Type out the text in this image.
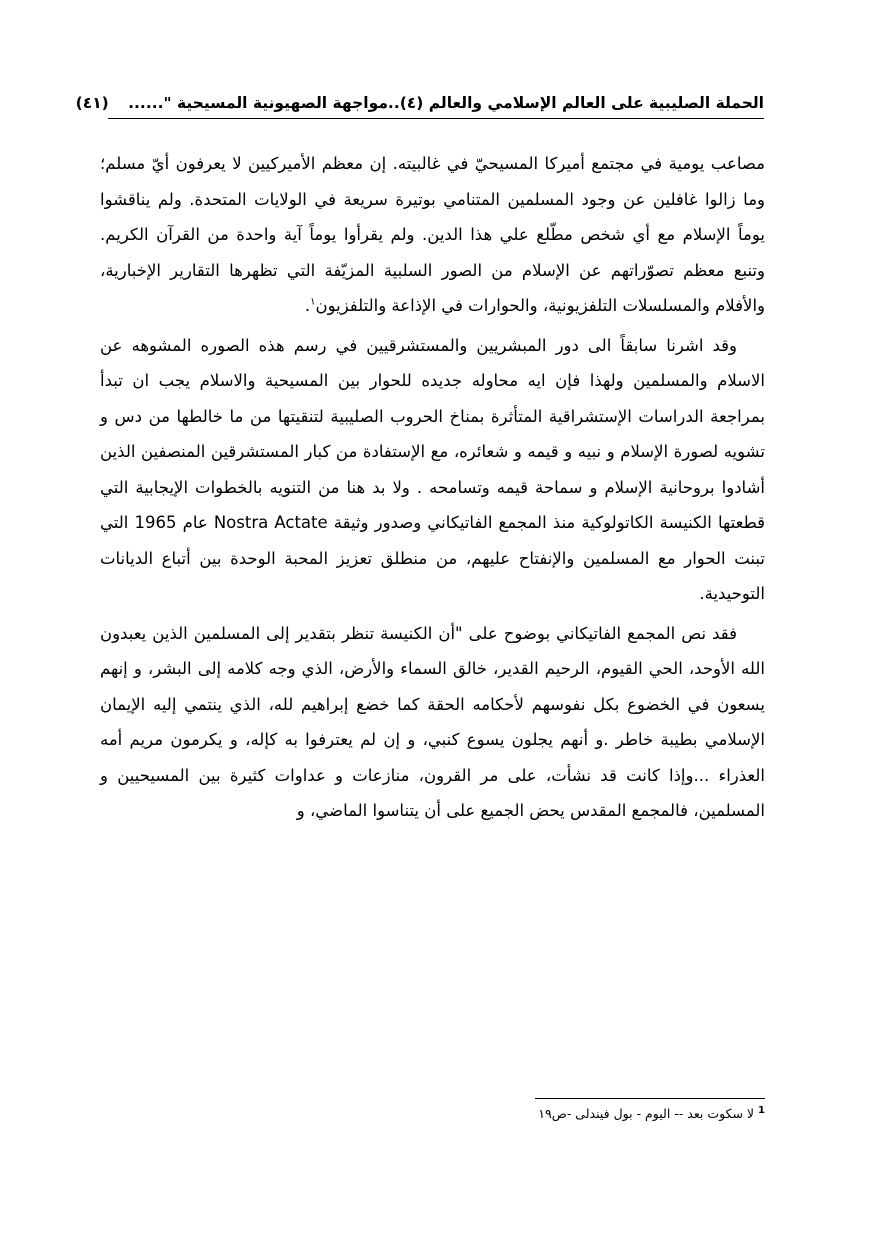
الحملة الصليبية على العالم الإسلامي والعالم (٤)..مواجهة الصهيونية المسيحية "...... (٤١)

مصاعب يومية في مجتمع أميركا المسيحيّ في غالبيته. إن معظم الأميركيين لا يعرفون أيّ مسلم؛ وما زالوا غافلين عن وجود المسلمين المتنامي بوتيرة سريعة في الولايات المتحدة. ولم يناقشوا يوماً الإسلام مع أي شخص مطّلع علي هذا الدين. ولم يقرأوا يوماً آية واحدة من القرآن الكريم. وتنبع معظم تصوّراتهم عن الإسلام من الصور السلبية المزيّفة التي تظهرها التقارير الإخبارية، والأفلام والمسلسلات التلفزيونية، والحوارات في الإذاعة والتلفزيون$^١$.

وقد اشرنا سابقاً الى دور المبشريين والمستشرقيين في رسم هذه الصوره المشوهه عن الاسلام والمسلمين ولهذا فإن ايه محاوله جديده للحوار بين المسيحية والاسلام يجب ان تبدأ بمراجعة الدراسات الإستشراقية المتأثرة بمناخ الحروب الصليبية لتنقيتها من ما خالطها من دس و تشويه لصورة الإسلام و نبيه و قيمه و شعائره، مع الإستفادة من كبار المستشرقين المنصفين الذين أشادوا بروحانية الإسلام و سماحة قيمه وتسامحه . ولا بد هنا من التنويه بالخطوات الإيجابية التي قطعتها الكنيسة الكاتولوكية منذ المجمع الفاتيكاني وصدور وثيقة Nostra Actate عام 1965 التي تبنت الحوار مع المسلمين والإنفتاح عليهم، من منطلق تعزيز المحبة الوحدة بين أتباع الديانات التوحيدية.

فقد نص المجمع الفاتيكاني بوضوح على "أن الكنيسة تنظر بتقدير إلى المسلمين الذين يعبدون الله الأوحد، الحي القيوم، الرحيم القدير، خالق السماء والأرض، الذي وجه كلامه إلى البشر، و إنهم يسعون في الخضوع بكل نفوسهم لأحكامه الحقة كما خضع إبراهيم لله، الذي ينتمي إليه الإيمان الإسلامي بطيبة خاطر .و أنهم يجلون يسوع كنبي، و إن لم يعترفوا به كإله، و يكرمون مريم أمه العذراء ...وإذا كانت قد نشأت، على مر القرون، منازعات و عداوات كثيرة بين المسيحيين و المسلمين، فالمجمع المقدس يحض الجميع على أن يتناسوا الماضي، و

$^1$لا سكوت بعد -- اليوم - بول فيندلى -ص١٩
